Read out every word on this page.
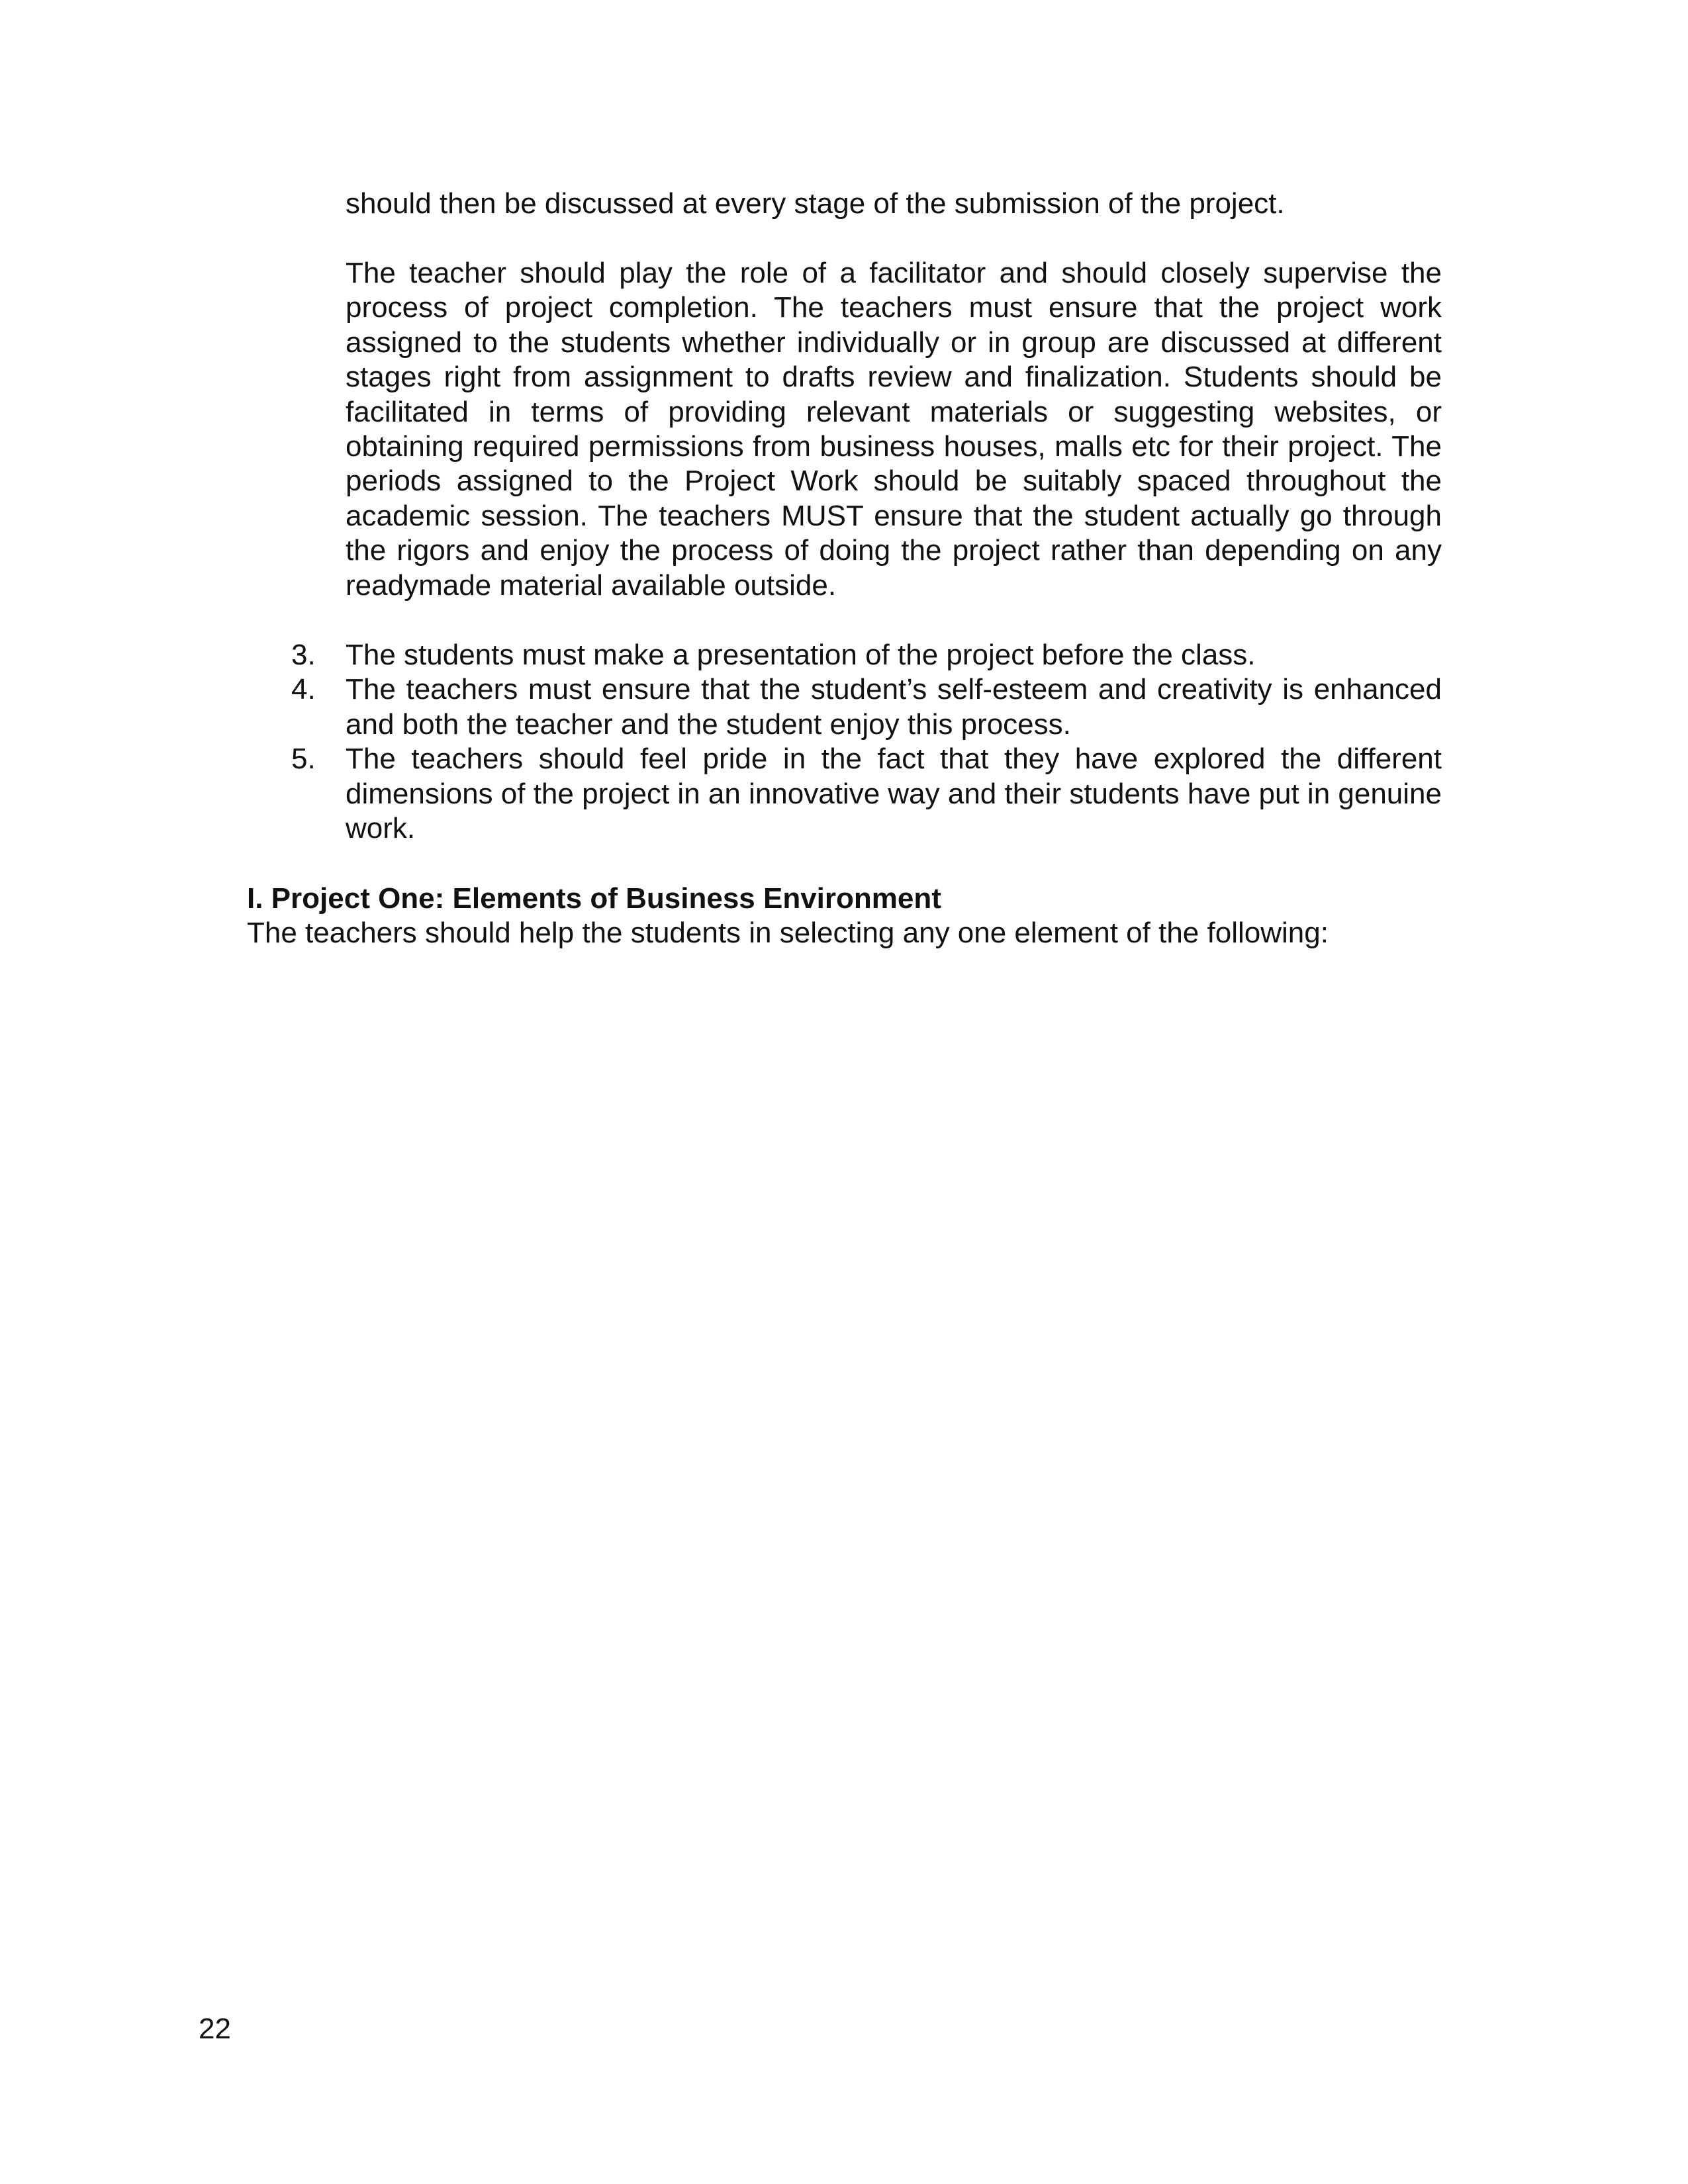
should then be discussed at every stage of the submission of the project.

The teacher should play the role of a facilitator and should closely supervise the process of project completion. The teachers must ensure that the project work assigned to the students whether individually or in group are discussed at different stages right from assignment to drafts review and finalization. Students should be facilitated in terms of providing relevant materials or suggesting websites, or obtaining required permissions from business houses, malls etc for their project. The periods assigned to the Project Work should be suitably spaced throughout the academic session. The teachers MUST ensure that the student actually go through the rigors and enjoy the process of doing the project rather than depending on any readymade material available outside.

3.	The students must make a presentation of the project before the class.
4.	The teachers must ensure that the student’s self-esteem and creativity is enhanced and both the teacher and the student enjoy this process.
5.	The teachers should feel pride in the fact that they have explored the different dimensions of the project in an innovative way and their students have put in genuine work.
I. Project One: Elements of Business Environment

The teachers should help the students in selecting any one element of the following:

22
